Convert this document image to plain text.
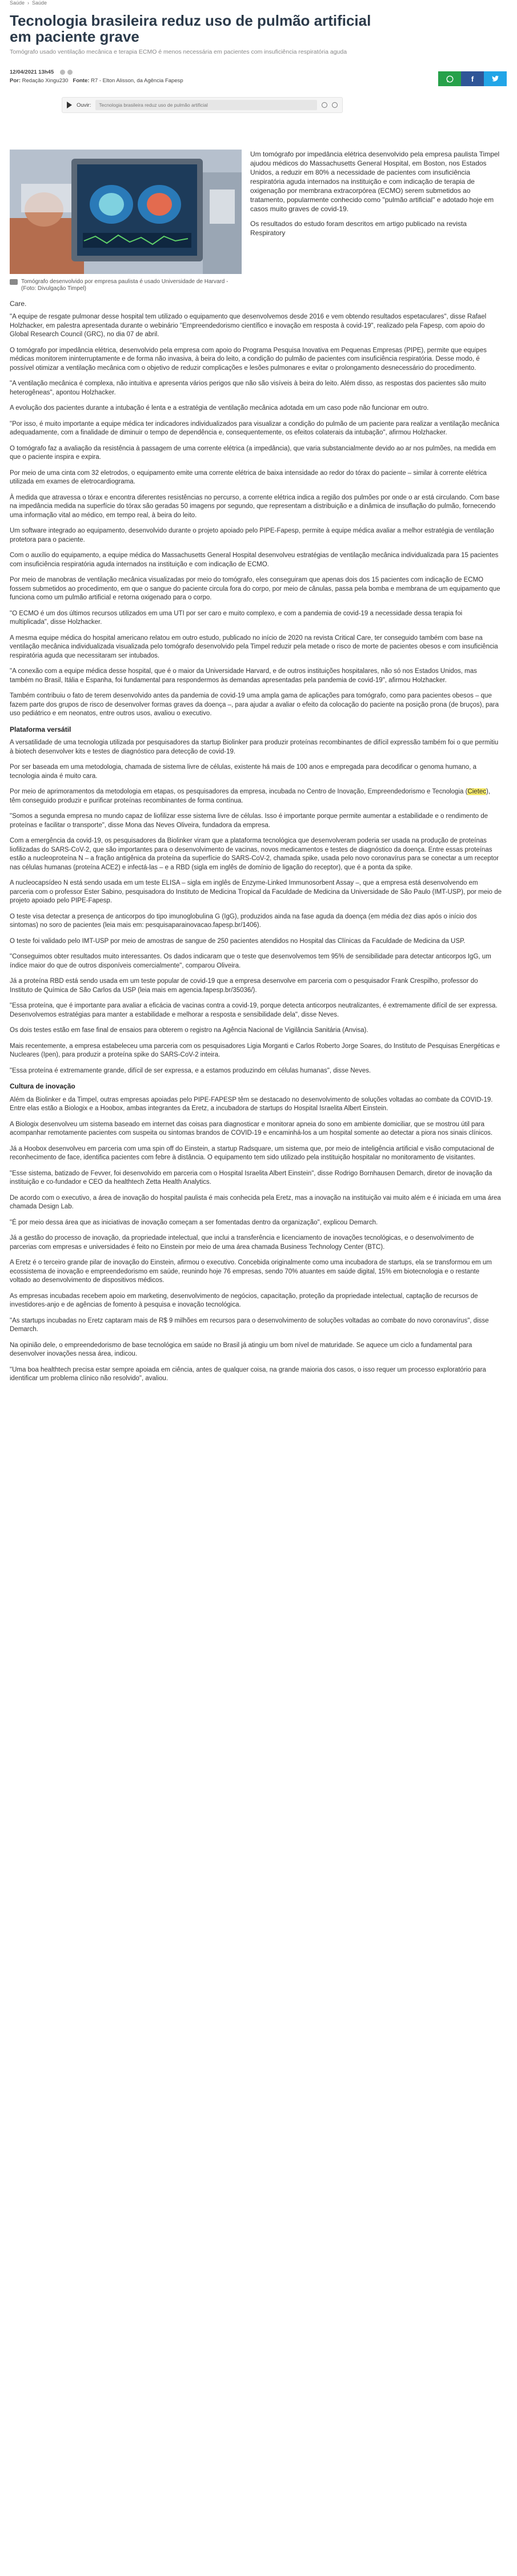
Saúde › Saúde
Tecnologia brasileira reduz uso de pulmão artificial em paciente grave

Tomógrafo usado ventilação mecânica e terapia ECMO é menos necessária em pacientes com insuficiência respiratória aguda

12/04/2021 13h45
Por: Redação Xingu230 Fonte: R7 - Elton Alisson, da Agência Fapesp	f
Ouvir: Tecnologia brasileira reduz uso de pulmão artificial
Tomógrafo desenvolvido por empresa paulista é usado Universidade de Harvard - (Foto: Divulgação Timpel)

Um tomógrafo por impedância elétrica desenvolvido pela empresa paulista Timpel ajudou médicos do Massachusetts General Hospital, em Boston, nos Estados Unidos, a reduzir em 80% a necessidade de pacientes com insuficiência respiratória aguda internados na instituição e com indicação de terapia de oxigenação por membrana extracorpórea (ECMO) serem submetidos ao tratamento, popularmente conhecido como "pulmão artificial" e adotado hoje em casos muito graves de covid-19.

Os resultados do estudo foram descritos em artigo publicado na revista Respiratory

Care.

"A equipe de resgate pulmonar desse hospital tem utilizado o equipamento que desenvolvemos desde 2016 e vem obtendo resultados espetaculares", disse Rafael Holzhacker, em palestra apresentada durante o webinário "Empreendedorismo científico e inovação em resposta à covid-19", realizado pela Fapesp, com apoio do Global Research Council (GRC), no dia 07 de abril.

O tomógrafo por impedância elétrica, desenvolvido pela empresa com apoio do Programa Pesquisa Inovativa em Pequenas Empresas (PIPE), permite que equipes médicas monitorem ininterruptamente e de forma não invasiva, à beira do leito, a condição do pulmão de pacientes com insuficiência respiratória. Desse modo, é possível otimizar a ventilação mecânica com o objetivo de reduzir complicações e lesões pulmonares e evitar o prolongamento desnecessário do procedimento.

"A ventilação mecânica é complexa, não intuitiva e apresenta vários perigos que não são visíveis à beira do leito. Além disso, as respostas dos pacientes são muito heterogêneas", apontou Holzhacker.

A evolução dos pacientes durante a intubação é lenta e a estratégia de ventilação mecânica adotada em um caso pode não funcionar em outro.

"Por isso, é muito importante a equipe médica ter indicadores individualizados para visualizar a condição do pulmão de um paciente para realizar a ventilação mecânica adequadamente, com a finalidade de diminuir o tempo de dependência e, consequentemente, os efeitos colaterais da intubação", afirmou Holzhacker.

O tomógrafo faz a avaliação da resistência à passagem de uma corrente elétrica (a impedância), que varia substancialmente devido ao ar nos pulmões, na medida em que o paciente inspira e expira.

Por meio de uma cinta com 32 eletrodos, o equipamento emite uma corrente elétrica de baixa intensidade ao redor do tórax do paciente – similar à corrente elétrica utilizada em exames de eletrocardiograma.

À medida que atravessa o tórax e encontra diferentes resistências no percurso, a corrente elétrica indica a região dos pulmões por onde o ar está circulando. Com base na impedância medida na superfície do tórax são geradas 50 imagens por segundo, que representam a distribuição e a dinâmica de insuflação do pulmão, fornecendo uma informação vital ao médico, em tempo real, à beira do leito.

Um software integrado ao equipamento, desenvolvido durante o projeto apoiado pelo PIPE-Fapesp, permite à equipe médica avaliar a melhor estratégia de ventilação protetora para o paciente.

Com o auxílio do equipamento, a equipe médica do Massachusetts General Hospital desenvolveu estratégias de ventilação mecânica individualizada para 15 pacientes com insuficiência respiratória aguda internados na instituição e com indicação de ECMO.

Por meio de manobras de ventilação mecânica visualizadas por meio do tomógrafo, eles conseguiram que apenas dois dos 15 pacientes com indicação de ECMO fossem submetidos ao procedimento, em que o sangue do paciente circula fora do corpo, por meio de cânulas, passa pela bomba e membrana de um equipamento que funciona como um pulmão artificial e retorna oxigenado para o corpo.

"O ECMO é um dos últimos recursos utilizados em uma UTI por ser caro e muito complexo, e com a pandemia de covid-19 a necessidade dessa terapia foi multiplicada", disse Holzhacker.

A mesma equipe médica do hospital americano relatou em outro estudo, publicado no início de 2020 na revista Critical Care, ter conseguido também com base na ventilação mecânica individualizada visualizada pelo tomógrafo desenvolvido pela Timpel reduzir pela metade o risco de morte de pacientes obesos e com insuficiência respiratória aguda que necessitaram ser intubados.

"A conexão com a equipe médica desse hospital, que é o maior da Universidade Harvard, e de outros instituições hospitalares, não só nos Estados Unidos, mas também no Brasil, Itália e Espanha, foi fundamental para respondermos às demandas apresentadas pela pandemia de covid-19", afirmou Holzhacker.

Também contribuiu o fato de terem desenvolvido antes da pandemia de covid-19 uma ampla gama de aplicações para tomógrafo, como para pacientes obesos – que fazem parte dos grupos de risco de desenvolver formas graves da doença –, para ajudar a avaliar o efeito da colocação do paciente na posição prona (de bruços), para uso pediátrico e em neonatos, entre outros usos, avaliou o executivo.

Plataforma versátil

A versatilidade de uma tecnologia utilizada por pesquisadores da startup Biolinker para produzir proteínas recombinantes de difícil expressão também foi o que permitiu à biotech desenvolver kits e testes de diagnóstico para detecção de covid-19.

Por ser baseada em uma metodologia, chamada de sistema livre de células, existente há mais de 100 anos e empregada para decodificar o genoma humano, a tecnologia ainda é muito cara.

Por meio de aprimoramentos da metodologia em etapas, os pesquisadores da empresa, incubada no Centro de Inovação, Empreendedorismo e Tecnologia (Cietec), têm conseguido produzir e purificar proteínas recombinantes de forma contínua.

"Somos a segunda empresa no mundo capaz de liofilizar esse sistema livre de células. Isso é importante porque permite aumentar a estabilidade e o rendimento de proteínas e facilitar o transporte", disse Mona das Neves Oliveira, fundadora da empresa.

Com a emergência da covid-19, os pesquisadores da Biolinker viram que a plataforma tecnológica que desenvolveram poderia ser usada na produção de proteínas liofilizadas do SARS-CoV-2, que são importantes para o desenvolvimento de vacinas, novos medicamentos e testes de diagnóstico da doença. Entre essas proteínas estão a nucleoproteína N – a fração antigênica da proteína da superfície do SARS-CoV-2, chamada spike, usada pelo novo coronavírus para se conectar a um receptor nas células humanas (proteína ACE2) e infectá-las – e a RBD (sigla em inglês de domínio de ligação do receptor), que é a ponta da spike.

A nucleocapsídeo N está sendo usada em um teste ELISA – sigla em inglês de Enzyme-Linked Immunosorbent Assay –, que a empresa está desenvolvendo em parceria com o professor Ester Sabino, pesquisadora do Instituto de Medicina Tropical da Faculdade de Medicina da Universidade de São Paulo (IMT-USP), por meio de projeto apoiado pelo PIPE-Fapesp.

O teste visa detectar a presença de anticorpos do tipo imunoglobulina G (IgG), produzidos ainda na fase aguda da doença (em média dez dias após o início dos sintomas) no soro de pacientes (leia mais em: pesquisaparainovacao.fapesp.br/1406).

O teste foi validado pelo IMT-USP por meio de amostras de sangue de 250 pacientes atendidos no Hospital das Clínicas da Faculdade de Medicina da USP.

"Conseguimos obter resultados muito interessantes. Os dados indicaram que o teste que desenvolvemos tem 95% de sensibilidade para detectar anticorpos IgG, um índice maior do que de outros disponíveis comercialmente", comparou Oliveira.

Já a proteína RBD está sendo usada em um teste popular de covid-19 que a empresa desenvolve em parceria com o pesquisador Frank Crespilho, professor do Instituto de Química de São Carlos da USP (leia mais em agencia.fapesp.br/35036/).

"Essa proteína, que é importante para avaliar a eficácia de vacinas contra a covid-19, porque detecta anticorpos neutralizantes, é extremamente difícil de ser expressa. Desenvolvemos estratégias para manter a estabilidade e melhorar a resposta e sensibilidade dela", disse Neves.

Os dois testes estão em fase final de ensaios para obterem o registro na Agência Nacional de Vigilância Sanitária (Anvisa).

Mais recentemente, a empresa estabeleceu uma parceria com os pesquisadores Ligia Morganti e Carlos Roberto Jorge Soares, do Instituto de Pesquisas Energéticas e Nucleares (Ipen), para produzir a proteína spike do SARS-CoV-2 inteira.

"Essa proteína é extremamente grande, difícil de ser expressa, e a estamos produzindo em células humanas", disse Neves.

Cultura de inovação

Além da Biolinker e da Timpel, outras empresas apoiadas pelo PIPE-FAPESP têm se destacado no desenvolvimento de soluções voltadas ao combate da COVID-19. Entre elas estão a Biologix e a Hoobox, ambas integrantes da Eretz, a incubadora de startups do Hospital Israelita Albert Einstein.

A Biologix desenvolveu um sistema baseado em internet das coisas para diagnosticar e monitorar apneia do sono em ambiente domiciliar, que se mostrou útil para acompanhar remotamente pacientes com suspeita ou sintomas brandos de COVID-19 e encaminhá-los a um hospital somente ao detectar a piora nos sinais clínicos.

Já a Hoobox desenvolveu em parceria com uma spin off do Einstein, a startup Radsquare, um sistema que, por meio de inteligência artificial e visão computacional de reconhecimento de face, identifica pacientes com febre à distância. O equipamento tem sido utilizado pela instituição hospitalar no monitoramento de visitantes.

"Esse sistema, batizado de Fevver, foi desenvolvido em parceria com o Hospital Israelita Albert Einstein", disse Rodrigo Bornhausen Demarch, diretor de inovação da instituição e co-fundador e CEO da healthtech Zetta Health Analytics.

De acordo com o executivo, a área de inovação do hospital paulista é mais conhecida pela Eretz, mas a inovação na instituição vai muito além e é iniciada em uma área chamada Design Lab.

"É por meio dessa área que as iniciativas de inovação começam a ser fomentadas dentro da organização", explicou Demarch.

Já a gestão do processo de inovação, da propriedade intelectual, que inclui a transferência e licenciamento de inovações tecnológicas, e o desenvolvimento de parcerias com empresas e universidades é feito no Einstein por meio de uma área chamada Business Technology Center (BTC).

A Eretz é o terceiro grande pilar de inovação do Einstein, afirmou o executivo. Concebida originalmente como uma incubadora de startups, ela se transformou em um ecossistema de inovação e empreendedorismo em saúde, reunindo hoje 76 empresas, sendo 70% atuantes em saúde digital, 15% em biotecnologia e o restante voltado ao desenvolvimento de dispositivos médicos.

As empresas incubadas recebem apoio em marketing, desenvolvimento de negócios, capacitação, proteção da propriedade intelectual, captação de recursos de investidores-anjo e de agências de fomento à pesquisa e inovação tecnológica.

"As startups incubadas no Eretz captaram mais de R$ 9 milhões em recursos para o desenvolvimento de soluções voltadas ao combate do novo coronavírus", disse Demarch.

Na opinião dele, o empreendedorismo de base tecnológica em saúde no Brasil já atingiu um bom nível de maturidade. Se aquece um ciclo a fundamental para desenvolver inovações nessa área, indicou.

"Uma boa healthtech precisa estar sempre apoiada em ciência, antes de qualquer coisa, na grande maioria dos casos, o isso requer um processo exploratório para identificar um problema clínico não resolvido", avaliou.
